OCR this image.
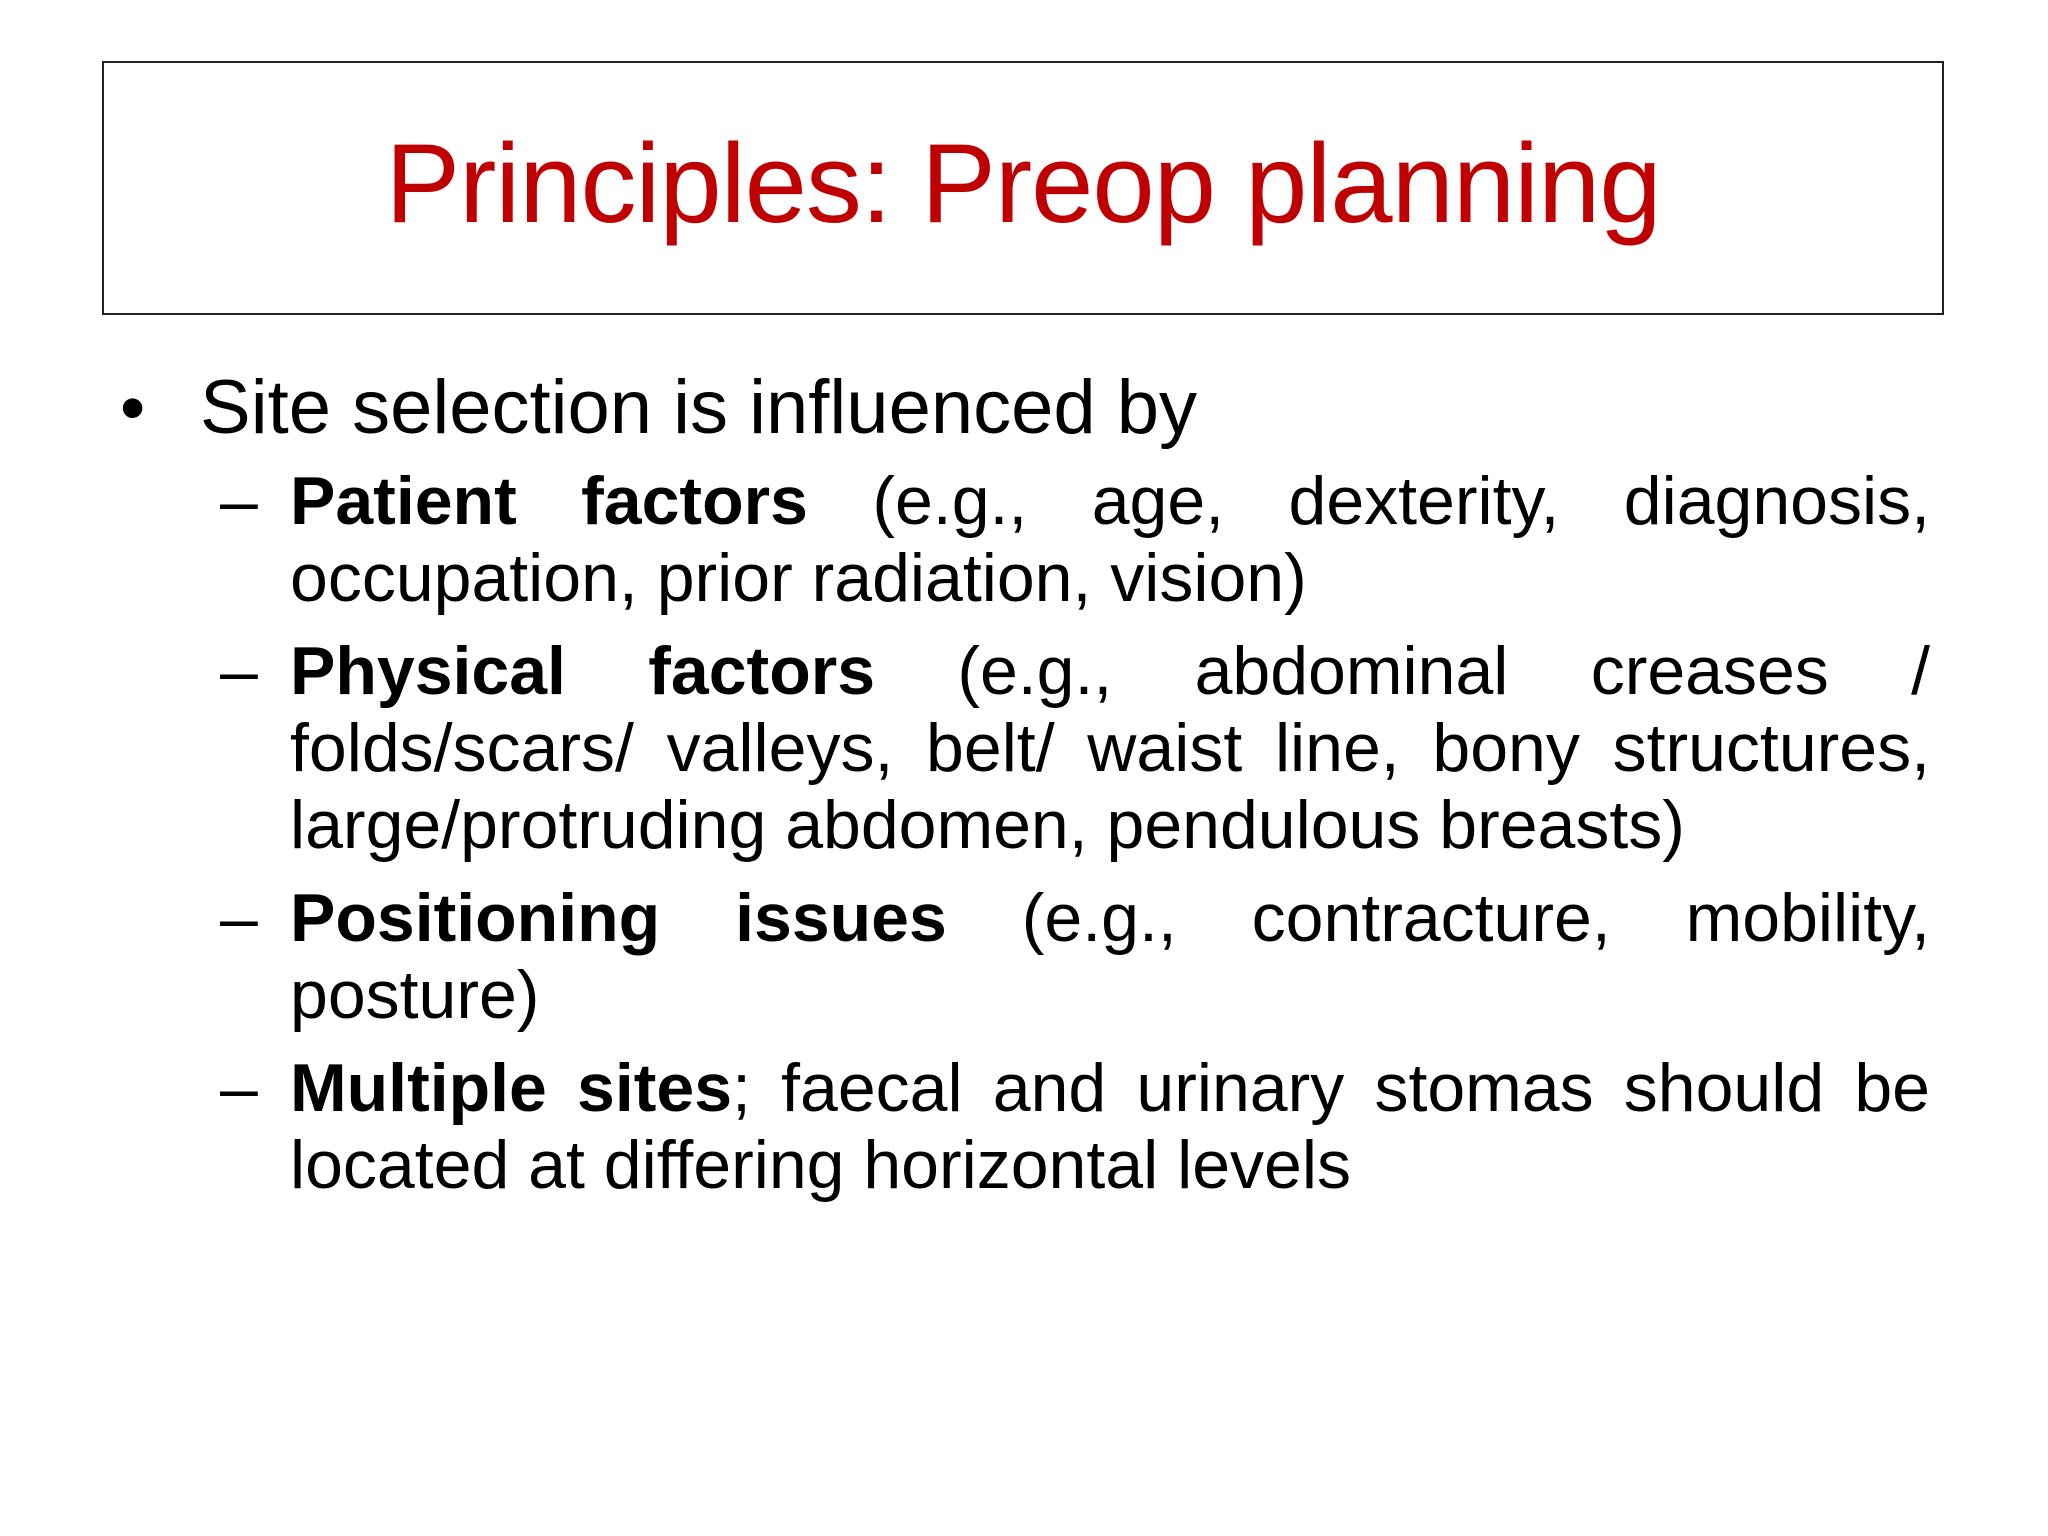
Principles: Preop planning
• Site selection is influenced by
– Patient factors (e.g., age, dexterity, diagnosis, occupation, prior radiation, vision)
– Physical factors (e.g., abdominal creases / folds/scars/ valleys, belt/ waist line, bony structures, large/protruding abdomen, pendulous breasts)
– Positioning issues (e.g., contracture, mobility, posture)
– Multiple sites; faecal and urinary stomas should be located at differing horizontal levels
